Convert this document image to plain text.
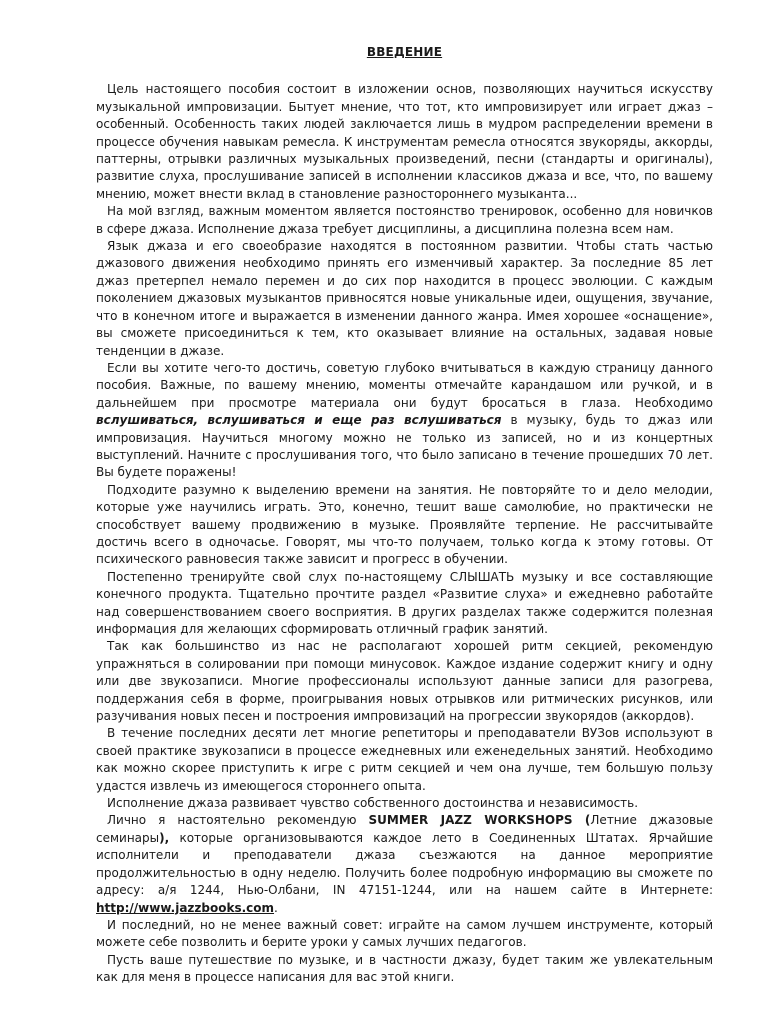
ВВЕДЕНИЕ

Цель настоящего пособия состоит в изложении основ, позволяющих научиться искусству музыкальной импровизации. Бытует мнение, что тот, кто импровизирует или играет джаз – особенный. Особенность таких людей заключается лишь в мудром распределении времени в процессе обучения навыкам ремесла. К инструментам ремесла относятся звукоряды, аккорды, паттерны, отрывки различных музыкальных произведений, песни (стандарты и оригиналы), развитие слуха, прослушивание записей в исполнении классиков джаза и все, что, по вашему мнению, может внести вклад в становление разностороннего музыканта...

На мой взгляд, важным моментом является постоянство тренировок, особенно для новичков в сфере джаза. Исполнение джаза требует дисциплины, а дисциплина полезна всем нам.

Язык джаза и его своеобразие находятся в постоянном развитии. Чтобы стать частью джазового движения необходимо принять его изменчивый характер. За последние 85 лет джаз претерпел немало перемен и до сих пор находится в процесс эволюции. С каждым поколением джазовых музыкантов привносятся новые уникальные идеи, ощущения, звучание, что в конечном итоге и выражается в изменении данного жанра. Имея хорошее «оснащение», вы сможете присоединиться к тем, кто оказывает влияние на остальных, задавая новые тенденции в джазе.

Если вы хотите чего-то достичь, советую глубоко вчитываться в каждую страницу данного пособия. Важные, по вашему мнению, моменты отмечайте карандашом или ручкой, и в дальнейшем при просмотре материала они будут бросаться в глаза. Необходимо вслушиваться, вслушиваться и еще раз вслушиваться в музыку, будь то джаз или импровизация. Научиться многому можно не только из записей, но и из концертных выступлений. Начните с прослушивания того, что было записано в течение прошедших 70 лет. Вы будете поражены!

Подходите разумно к выделению времени на занятия. Не повторяйте то и дело мелодии, которые уже научились играть. Это, конечно, тешит ваше самолюбие, но практически не способствует вашему продвижению в музыке. Проявляйте терпение. Не рассчитывайте достичь всего в одночасье. Говорят, мы что-то получаем, только когда к этому готовы. От психического равновесия также зависит и прогресс в обучении.

Постепенно тренируйте свой слух по-настоящему СЛЫШАТЬ музыку и все составляющие конечного продукта. Тщательно прочтите раздел «Развитие слуха» и ежедневно работайте над совершенствованием своего восприятия. В других разделах также содержится полезная информация для желающих сформировать отличный график занятий.

Так как большинство из нас не располагают хорошей ритм секцией, рекомендую упражняться в солировании при помощи минусовок. Каждое издание содержит книгу и одну или две звукозаписи. Многие профессионалы используют данные записи для разогрева, поддержания себя в форме, проигрывания новых отрывков или ритмических рисунков, или разучивания новых песен и построения импровизаций на прогрессии звукорядов (аккордов).

В течение последних десяти лет многие репетиторы и преподаватели ВУЗов используют в своей практике звукозаписи в процессе ежедневных или еженедельных занятий. Необходимо как можно скорее приступить к игре с ритм секцией и чем она лучше, тем большую пользу удастся извлечь из имеющегося стороннего опыта.

Исполнение джаза развивает чувство собственного достоинства и независимость.

Лично я настоятельно рекомендую SUMMER JAZZ WORKSHOPS (Летние джазовые семинары), которые организовываются каждое лето в Соединенных Штатах. Ярчайшие исполнители и преподаватели джаза съезжаются на данное мероприятие продолжительностью в одну неделю. Получить более подробную информацию вы сможете по адресу: а/я 1244, Нью-Олбани, IN 47151-1244, или на нашем сайте в Интернете: http://www.jazzbooks.com.

И последний, но не менее важный совет: играйте на самом лучшем инструменте, который можете себе позволить и берите уроки у самых лучших педагогов.

Пусть ваше путешествие по музыке, и в частности джазу, будет таким же увлекательным как для меня в процессе написания для вас этой книги.
